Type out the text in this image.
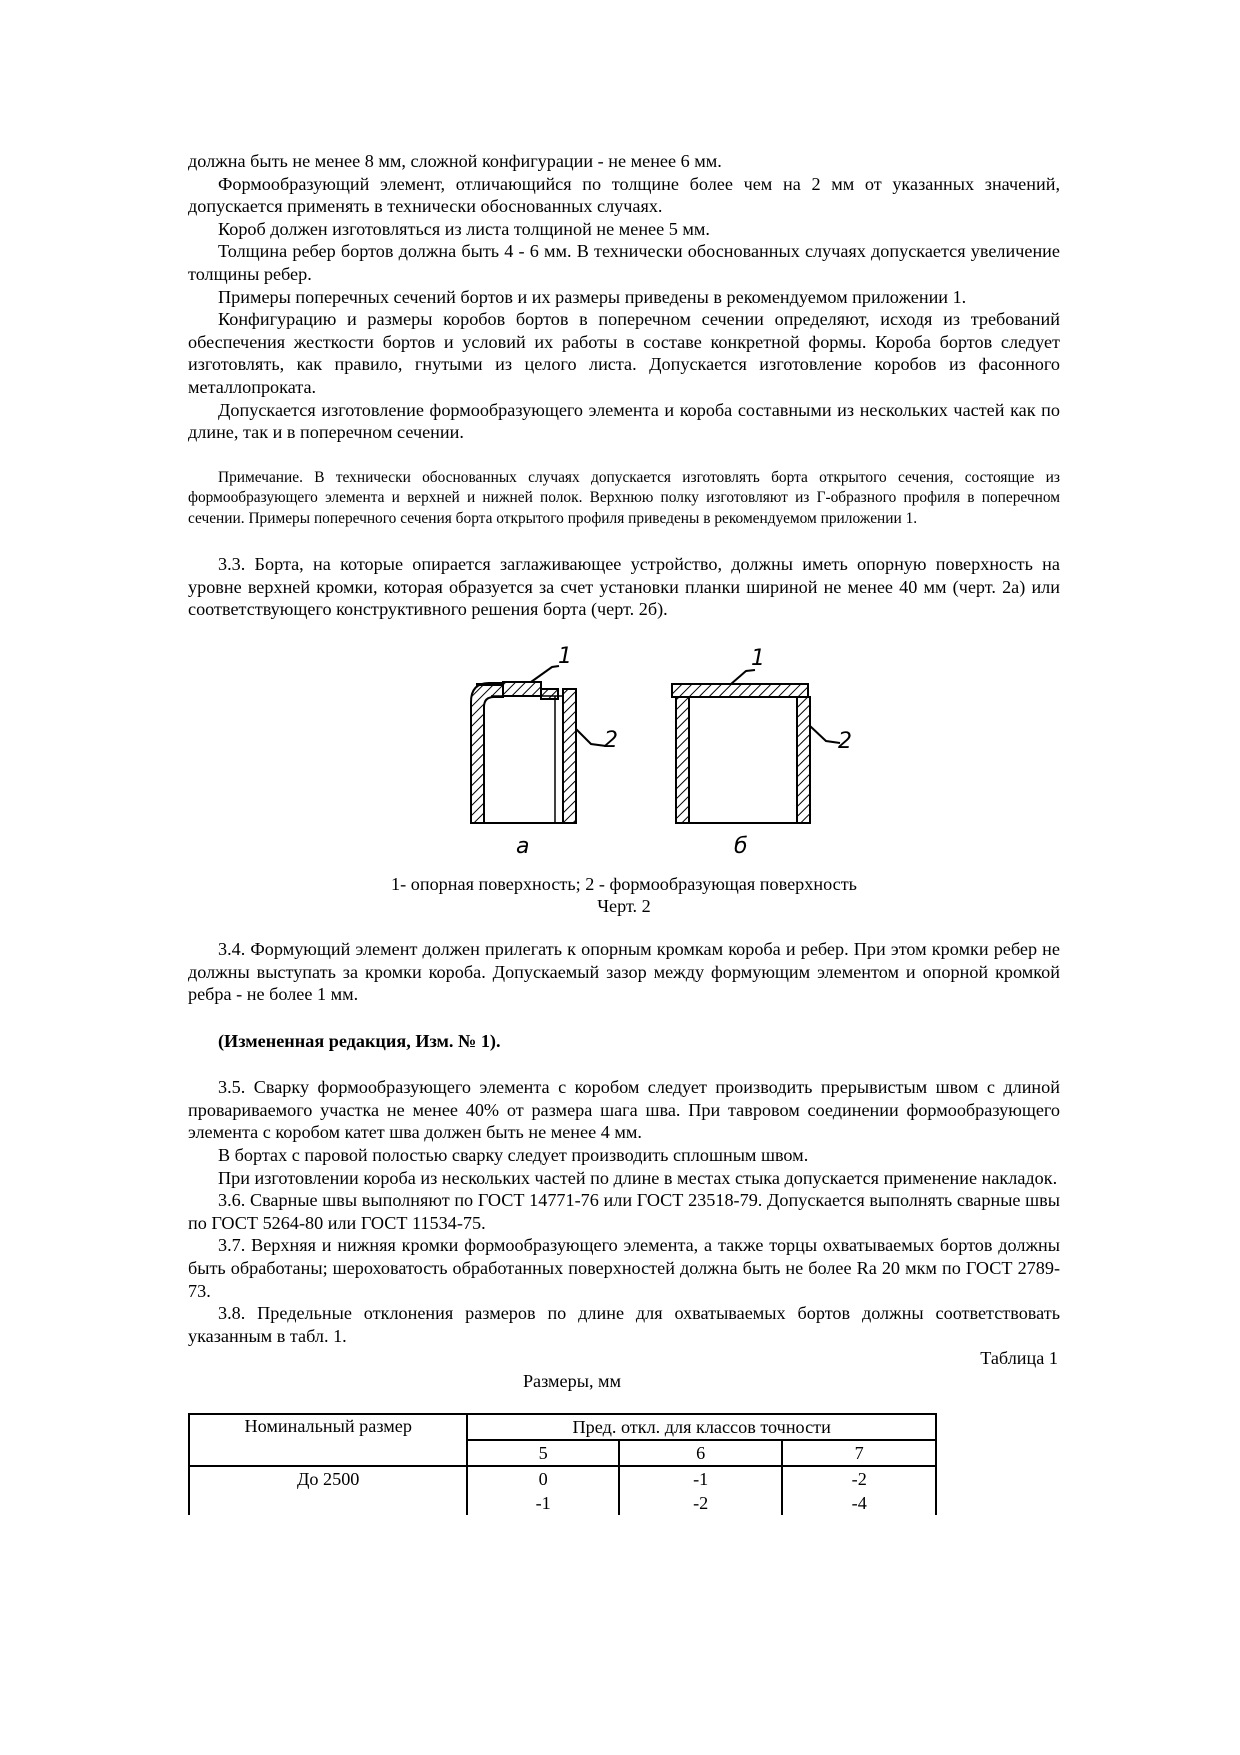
должна быть не менее 8 мм, сложной конфигурации - не менее 6 мм.

Формообразующий элемент, отличающийся по толщине более чем на 2 мм от указанных значений, допускается применять в технически обоснованных случаях.

Короб должен изготовляться из листа толщиной не менее 5 мм.

Толщина ребер бортов должна быть 4 - 6 мм. В технически обоснованных случаях допускается увеличение толщины ребер.

Примеры поперечных сечений бортов и их размеры приведены в рекомендуемом приложении 1.

Конфигурацию и размеры коробов бортов в поперечном сечении определяют, исходя из требований обеспечения жесткости бортов и условий их работы в составе конкретной формы. Короба бортов следует изготовлять, как правило, гнутыми из целого листа. Допускается изготовление коробов из фасонного металлопроката.

Допускается изготовление формообразующего элемента и короба составными из нескольких частей как по длине, так и в поперечном сечении.

Примечание. В технически обоснованных случаях допускается изготовлять борта открытого сечения, состоящие из формообразующего элемента и верхней и нижней полок. Верхнюю полку изготовляют из Г-образного профиля в поперечном сечении. Примеры поперечного сечения борта открытого профиля приведены в рекомендуемом приложении 1.

3.3. Борта, на которые опирается заглаживающее устройство, должны иметь опорную поверхность на уровне верхней кромки, которая образуется за счет установки планки шириной не менее 40 мм (черт. 2а) или соответствующего конструктивного решения борта (черт. 2б).

1
2
а
1
2
б
1- опорная поверхность; 2 - формообразующая поверхность
Черт. 2

3.4. Формующий элемент должен прилегать к опорным кромкам короба и ребер. При этом кромки ребер не должны выступать за кромки короба. Допускаемый зазор между формующим элементом и опорной кромкой ребра - не более 1 мм.

(Измененная редакция, Изм. № 1).

3.5. Сварку формообразующего элемента с коробом следует производить прерывистым швом с длиной провариваемого участка не менее 40% от размера шага шва. При тавровом соединении формообразующего элемента с коробом катет шва должен быть не менее 4 мм.

В бортах с паровой полостью сварку следует производить сплошным швом.

При изготовлении короба из нескольких частей по длине в местах стыка допускается применение накладок.

3.6. Сварные швы выполняют по ГОСТ 14771-76 или ГОСТ 23518-79. Допускается выполнять сварные швы по ГОСТ 5264-80 или ГОСТ 11534-75.

3.7. Верхняя и нижняя кромки формообразующего элемента, а также торцы охватываемых бортов должны быть обработаны; шероховатость обработанных поверхностей должна быть не более Ra 20 мкм по ГОСТ 2789-73.

3.8. Предельные отклонения размеров по длине для охватываемых бортов должны соответствовать указанным в табл. 1.

Таблица 1
Размеры, мм
Номинальный размер	Пред. откл. для классов точности		
	5	6	7
До 2500	0	-1	-2
	-1	-2	-4
